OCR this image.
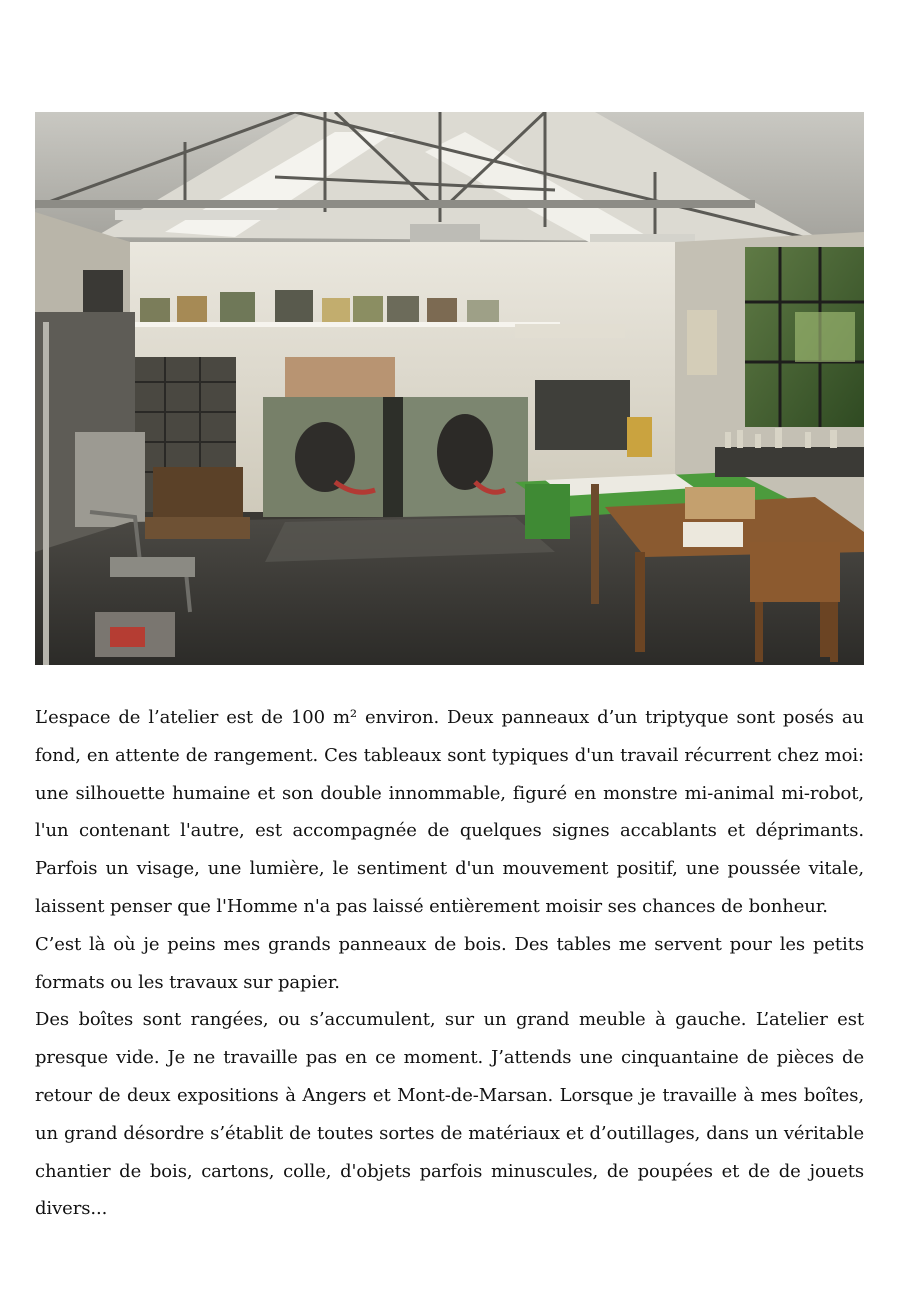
L’espace de l’atelier est de 100 m² environ. Deux panneaux d’un triptyque sont posés au fond, en attente de rangement. Ces tableaux sont typiques d'un travail récurrent chez moi: une silhouette humaine et son double innommable, figuré en monstre mi-animal mi-robot, l'un contenant l'autre, est accompagnée de quelques signes accablants et déprimants. Parfois un visage, une lumière, le sentiment d'un mouvement positif, une poussée vitale, laissent penser que l'Homme n'a pas laissé entièrement moisir ses chances de bonheur.

C’est là où je peins mes grands panneaux de bois. Des tables me servent pour les petits formats ou les travaux sur papier.

Des boîtes sont rangées, ou s’accumulent, sur un grand meuble à gauche. L’atelier est presque vide. Je ne travaille pas en ce moment. J’attends une cinquantaine de pièces de retour de deux expositions à Angers et Mont-de-Marsan. Lorsque je travaille à mes boîtes, un grand désordre s’établit de toutes sortes de matériaux et d’outillages, dans un véritable chantier de bois, cartons, colle, d'objets parfois minuscules, de poupées et de de jouets divers...
